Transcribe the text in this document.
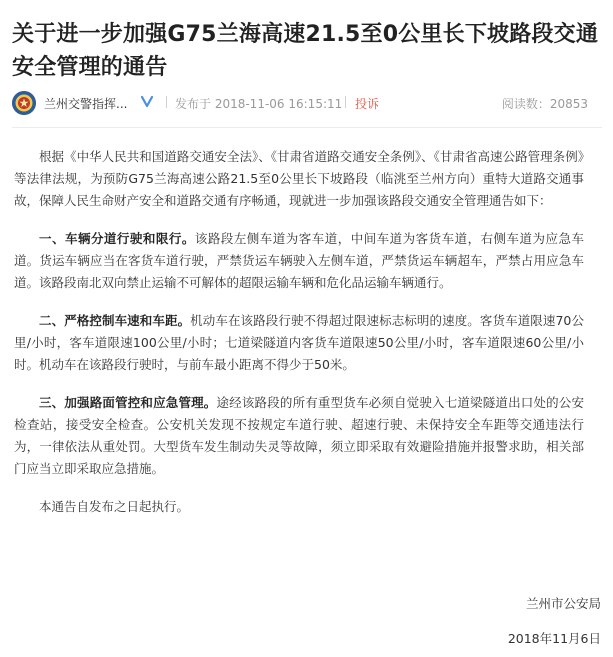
关于进一步加强G75兰海高速21.5至0公里长下坡路段交通安全管理的通告
兰州交警指挥...	发布于 2018-11-06 16:15:11 投诉	阅读数：20853

根据《中华人民共和国道路交通安全法》、《甘肃省道路交通安全条例》、《甘肃省高速公路管理条例》等法律法规，为预防G75兰海高速公路21.5至0公里长下坡路段（临洮至兰州方向）重特大道路交通事故，保障人民生命财产安全和道路交通有序畅通，现就进一步加强该路段交通安全管理通告如下：

一、车辆分道行驶和限行。该路段左侧车道为客车道，中间车道为客货车道，右侧车道为应急车道。货运车辆应当在客货车道行驶，严禁货运车辆驶入左侧车道，严禁货运车辆超车，严禁占用应急车道。该路段南北双向禁止运输不可解体的超限运输车辆和危化品运输车辆通行。

二、严格控制车速和车距。机动车在该路段行驶不得超过限速标志标明的速度。客货车道限速70公里/小时，客车道限速100公里/小时；七道梁隧道内客货车道限速50公里/小时，客车道限速60公里/小时。机动车在该路段行驶时，与前车最小距离不得少于50米。

三、加强路面管控和应急管理。途经该路段的所有重型货车必须自觉驶入七道梁隧道出口处的公安检查站，接受安全检查。公安机关发现不按规定车道行驶、超速行驶、未保持安全车距等交通违法行为，一律依法从重处罚。大型货车发生制动失灵等故障，须立即采取有效避险措施并报警求助，相关部门应当立即采取应急措施。

本通告自发布之日起执行。

兰州市公安局
2018年11月6日
